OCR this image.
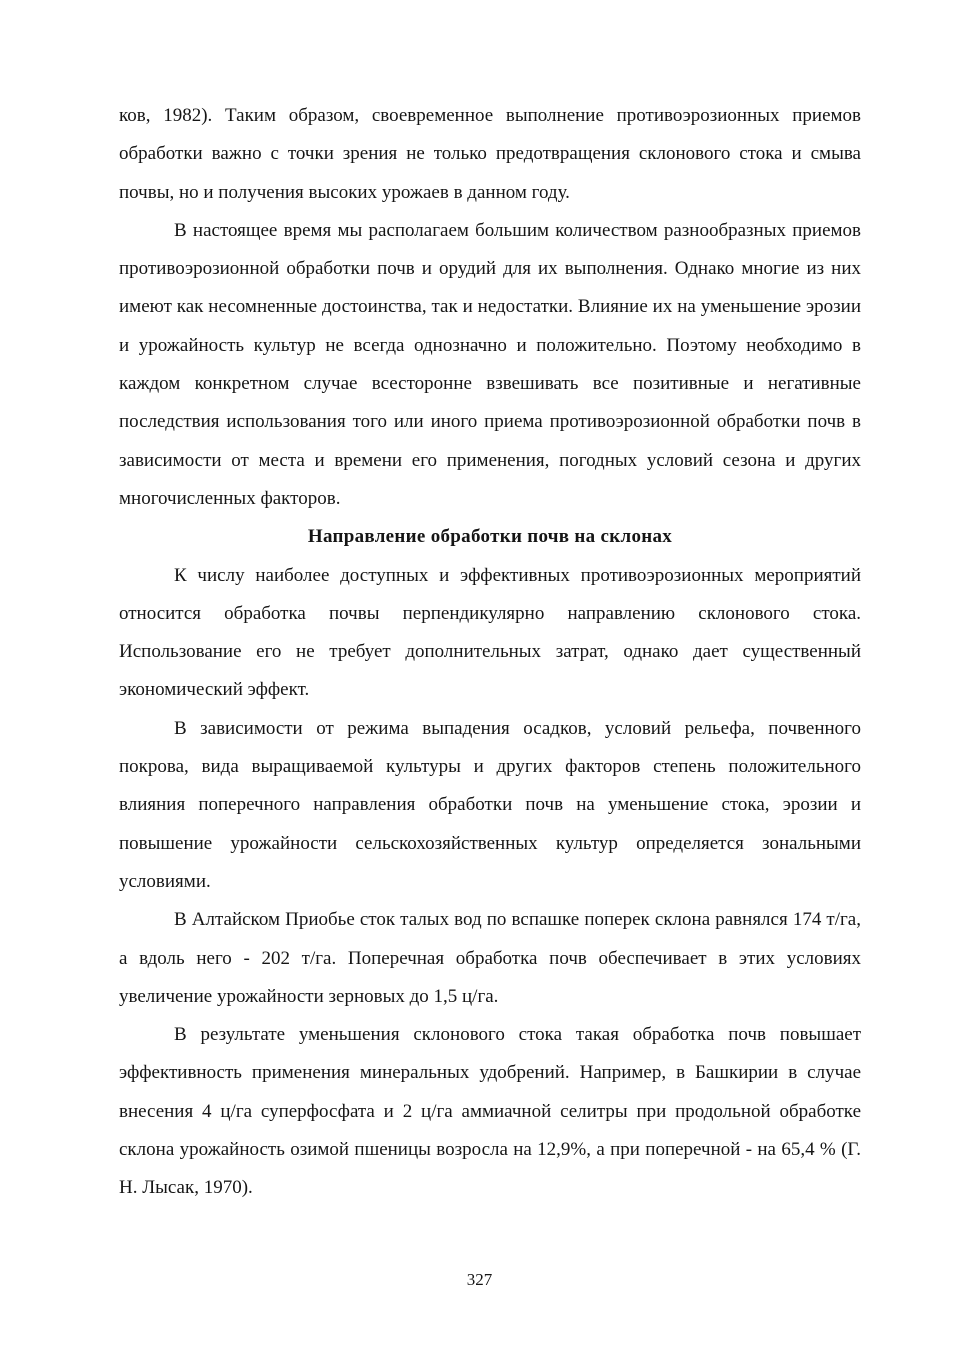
ков, 1982). Таким образом, своевременное выполнение противоэрозионных приемов обработки важно с точки зрения не только предотвращения склонового стока и смыва почвы, но и получения высоких урожаев в данном году.

В настоящее время мы располагаем большим количеством разнообразных приемов противоэрозионной обработки почв и орудий для их выполнения. Однако многие из них имеют как несомненные достоинства, так и недостатки. Влияние их на уменьшение эрозии и урожайность культур не всегда однозначно и положительно. Поэтому необходимо в каждом конкретном случае всесторонне взвешивать все позитивные и негативные последствия использования того или иного приема противоэрозионной обработки почв в зависимости от места и времени его применения, погодных условий сезона и других многочисленных факторов.

Направление обработки почв на склонах

К числу наиболее доступных и эффективных противоэрозионных мероприятий относится обработка почвы перпендикулярно направлению склонового стока. Использование его не требует дополнительных затрат, однако дает существенный экономический эффект.

В зависимости от режима выпадения осадков, условий рельефа, почвенного покрова, вида выращиваемой культуры и других факторов степень положительного влияния поперечного направления обработки почв на уменьшение стока, эрозии и повышение урожайности сельскохозяйственных культур определяется зональными условиями.

В Алтайском Приобье сток талых вод по вспашке поперек склона равнялся 174 т/га, а вдоль него - 202 т/га. Поперечная обработка почв обеспечивает в этих условиях увеличение урожайности зерновых до 1,5 ц/га.

В результате уменьшения склонового стока такая обработка почв повышает эффективность применения минеральных удобрений. Например, в Башкирии в случае внесения 4 ц/га суперфосфата и 2 ц/га аммиачной селитры при продольной обработке склона урожайность озимой пшеницы возросла на 12,9%, а при поперечной - на 65,4 % (Г. Н. Лысак, 1970).

327
